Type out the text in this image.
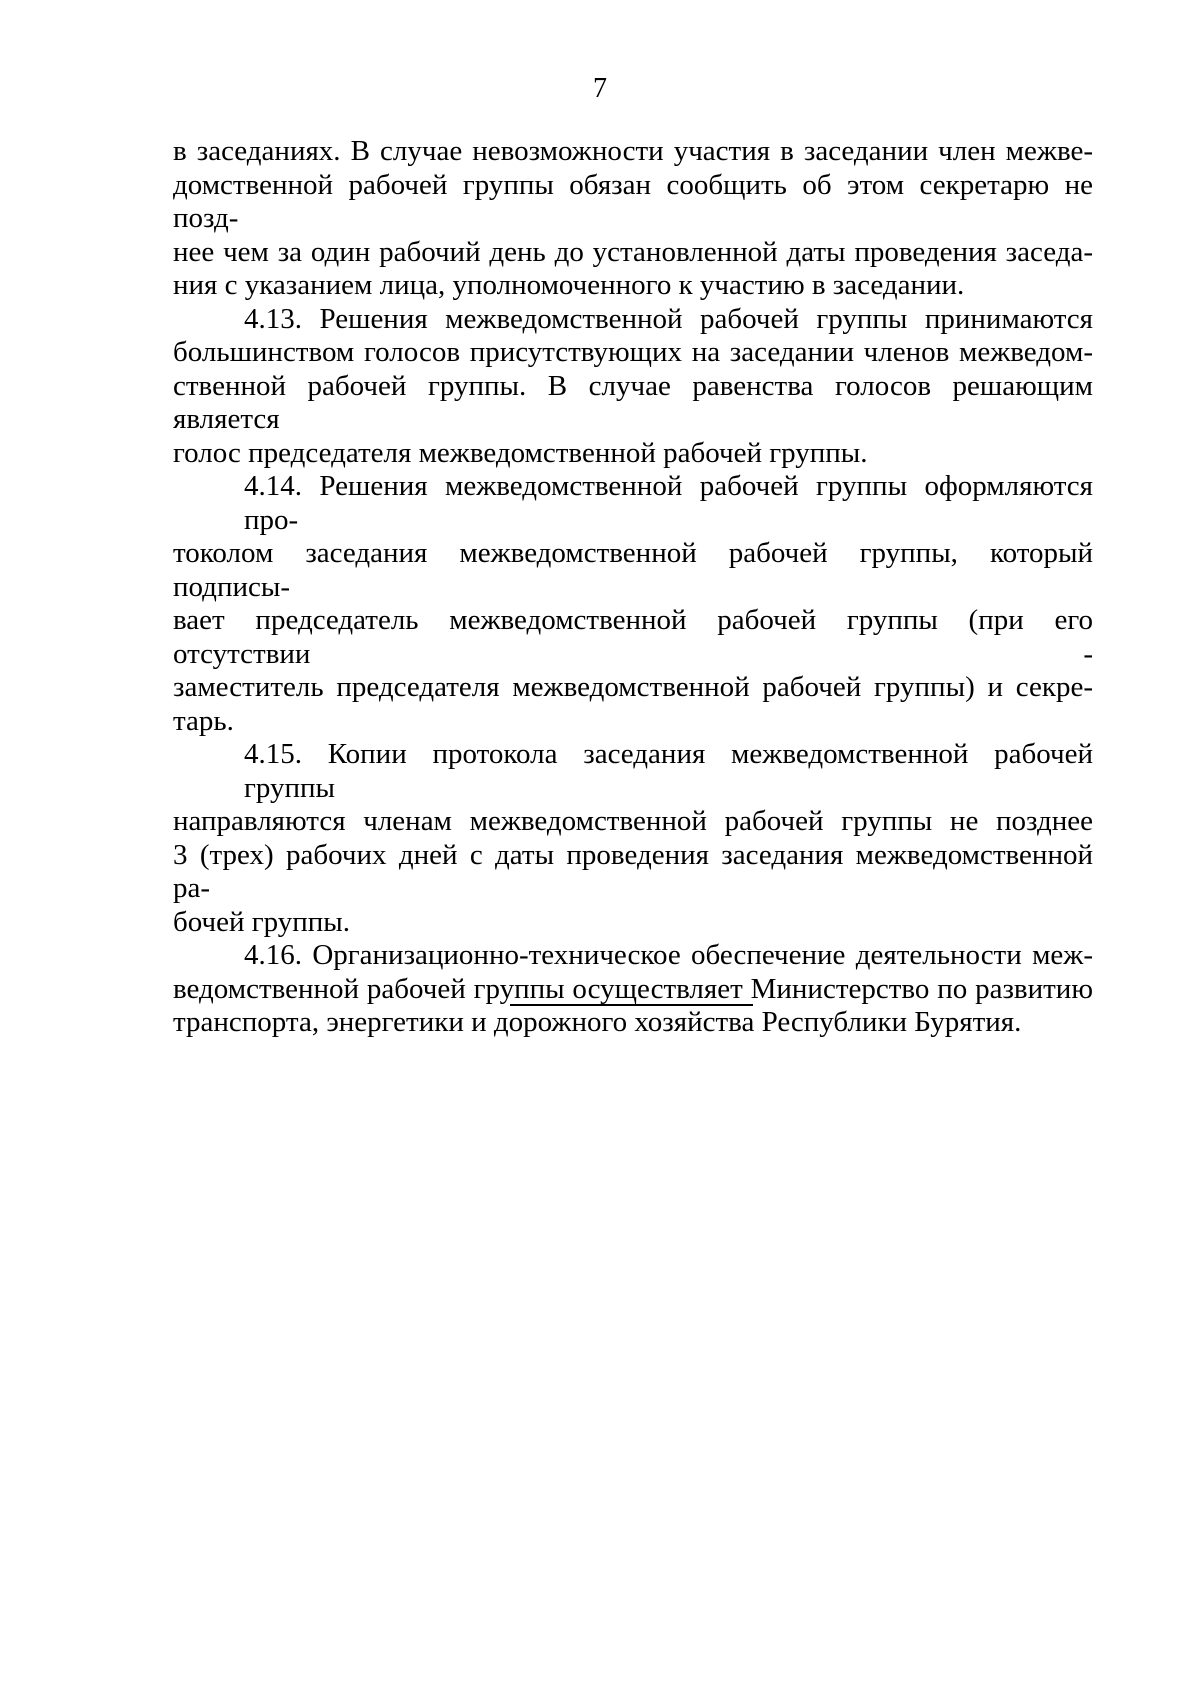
7

в заседаниях. В случае невозможности участия в заседании член межве-
домственной рабочей группы обязан сообщить об этом секретарю не позд-
нее чем за один рабочий день до установленной даты проведения заседа-
ния с указанием лица, уполномоченного к участию в заседании.

4.13. Решения межведомственной рабочей группы принимаются
большинством голосов присутствующих на заседании членов межведом-
ственной рабочей группы. В случае равенства голосов решающим является
голос председателя межведомственной рабочей группы.

4.14. Решения межведомственной рабочей группы оформляются про-
токолом заседания межведомственной рабочей группы, который подписы-
вает председатель межведомственной рабочей группы (при его отсутствии -
заместитель председателя межведомственной рабочей группы) и секре-
тарь.

4.15. Копии протокола заседания межведомственной рабочей группы
направляются членам межведомственной рабочей группы не позднее
3 (трех) рабочих дней с даты проведения заседания межведомственной ра-
бочей группы.

4.16. Организационно-техническое обеспечение деятельности меж-
ведомственной рабочей группы осуществляет Министерство по развитию
транспорта, энергетики и дорожного хозяйства Республики Бурятия.
